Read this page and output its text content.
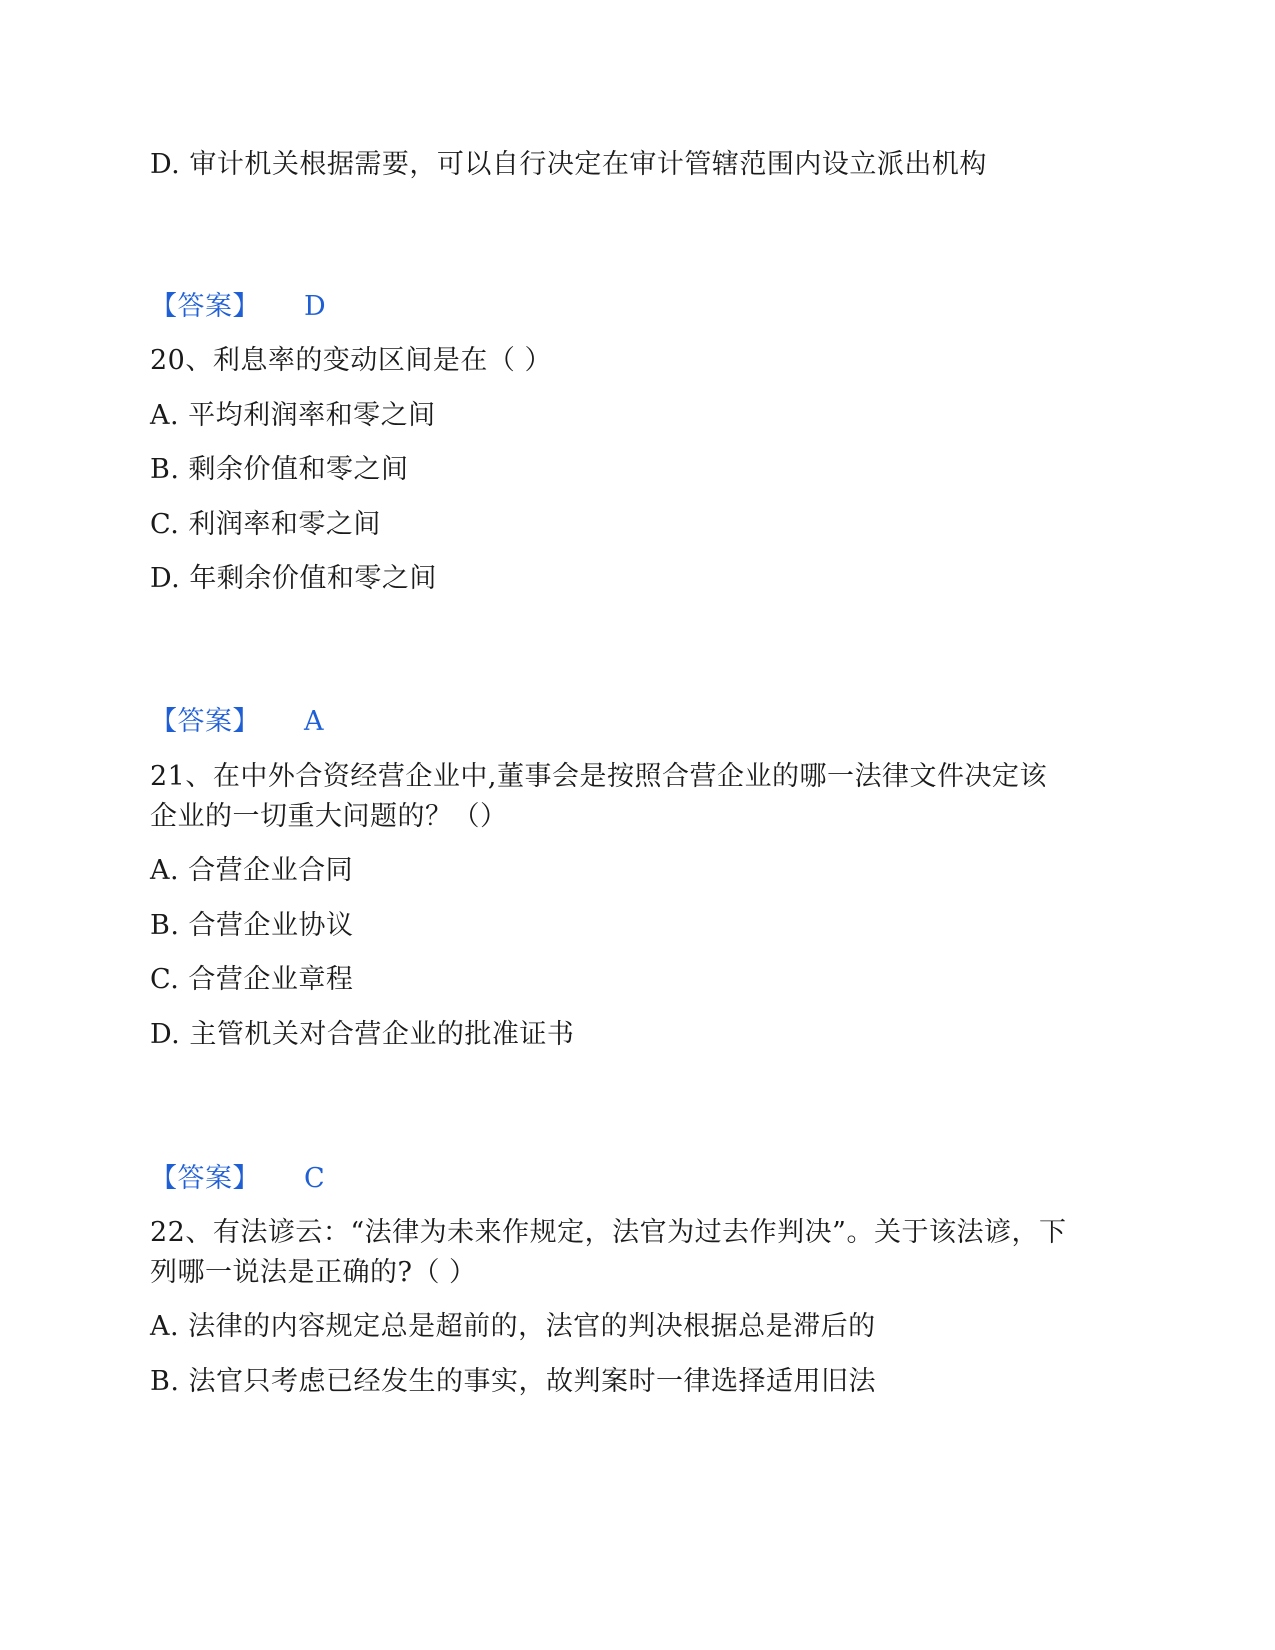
D. 审计机关根据需要，可以自行决定在审计管辖范围内设立派出机构
【答案】 D
20、利息率的变动区间是在（ ）
A. 平均利润率和零之间
B. 剩余价值和零之间
C. 利润率和零之间
D. 年剩余价值和零之间
【答案】 A
21、在中外合资经营企业中,董事会是按照合营企业的哪一法律文件决定该
企业的一切重大问题的？（）
A. 合营企业合同
B. 合营企业协议
C. 合营企业章程
D. 主管机关对合营企业的批准证书
【答案】 C
22、有法谚云：“法律为未来作规定，法官为过去作判决”。关于该法谚，下
列哪一说法是正确的?（ ）
A. 法律的内容规定总是超前的，法官的判决根据总是滞后的
B. 法官只考虑已经发生的事实，故判案时一律选择适用旧法
